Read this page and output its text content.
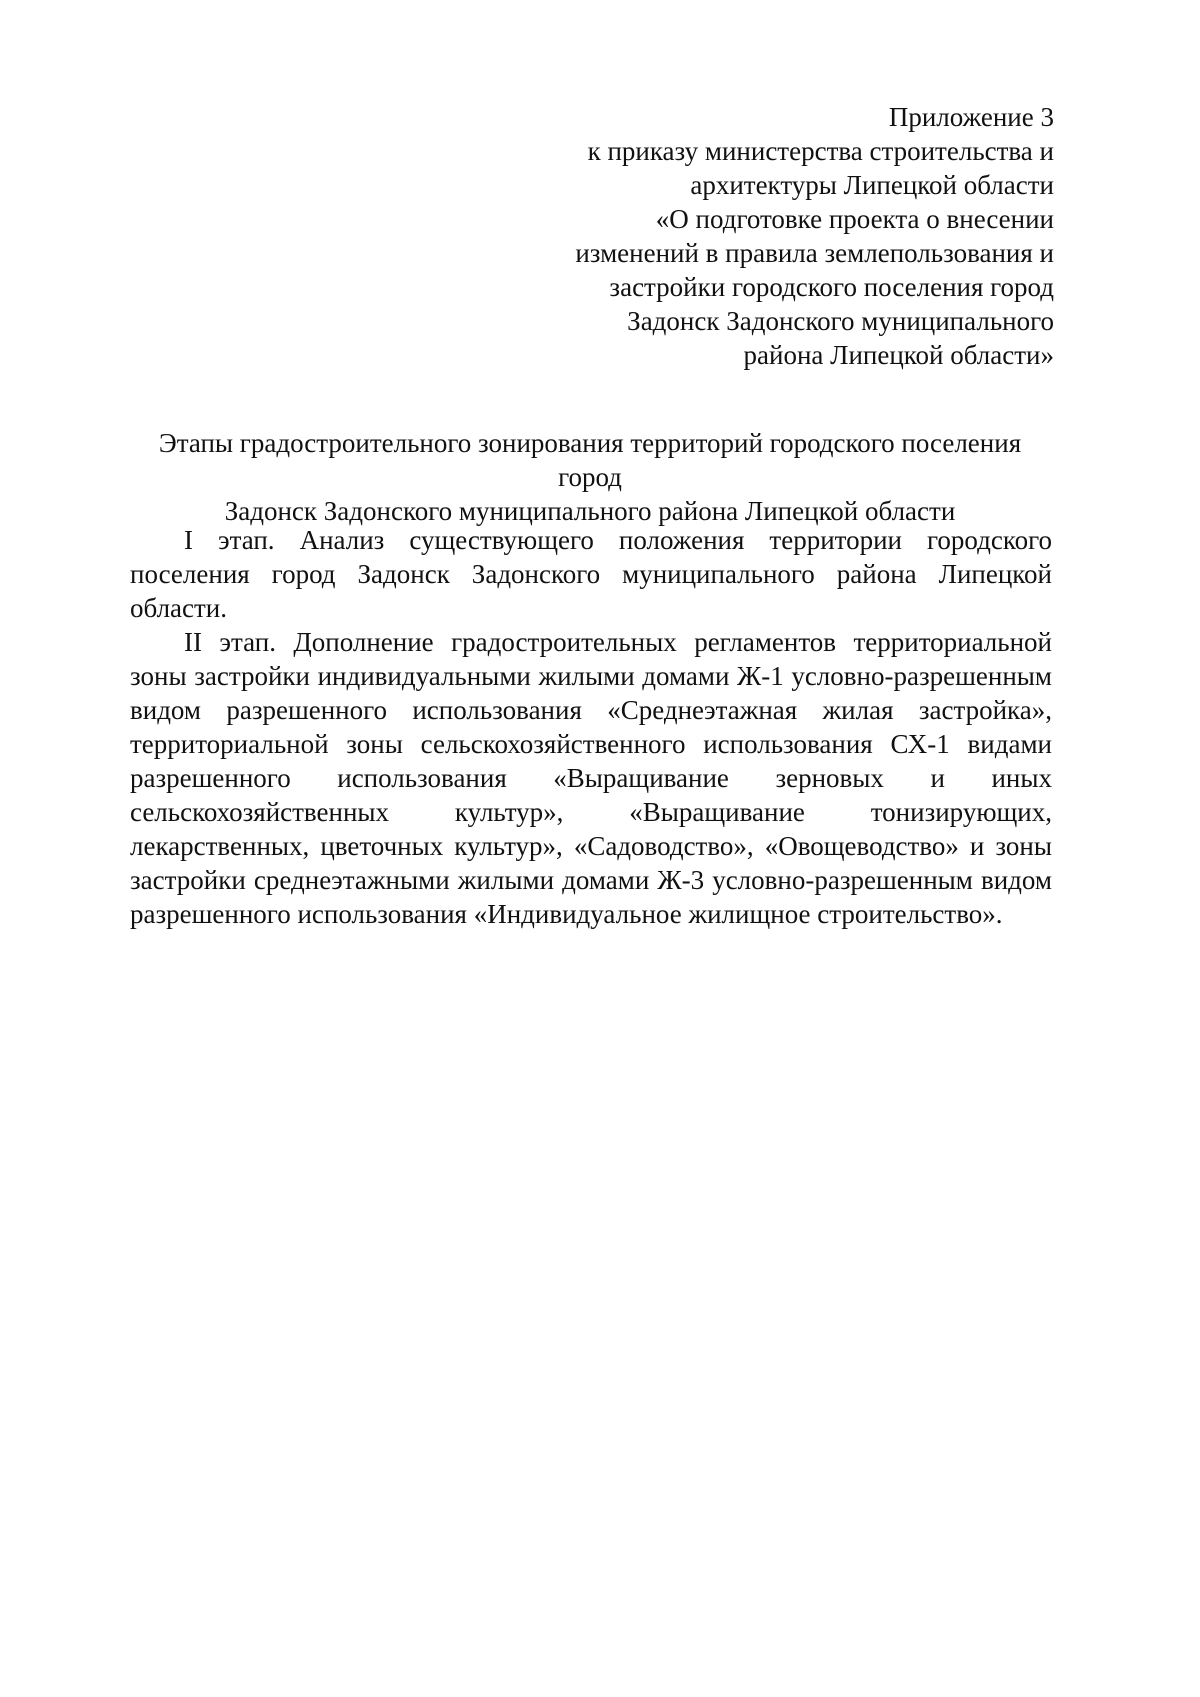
Приложение 3
к приказу министерства строительства и
архитектуры Липецкой области
«О подготовке проекта о внесении
изменений в правила землепользования и
застройки городского поселения город
Задонск Задонского муниципального
района Липецкой области»
Этапы градостроительного зонирования территорий городского поселения город
Задонск Задонского муниципального района Липецкой области

I этап. Анализ существующего положения территории городского поселения город Задонск Задонского муниципального района Липецкой области.

II этап. Дополнение градостроительных регламентов территориальной зоны застройки индивидуальными жилыми домами Ж-1 условно-разрешенным видом разрешенного использования «Среднеэтажная жилая застройка», территориальной зоны сельскохозяйственного использования СХ-1 видами разрешенного использования «Выращивание зерновых и иных сельскохозяйственных культур», «Выращивание тонизирующих, лекарственных, цветочных культур», «Садоводство», «Овощеводство» и зоны застройки среднеэтажными жилыми домами Ж-3 условно-разрешенным видом разрешенного использования «Индивидуальное жилищное строительство».
